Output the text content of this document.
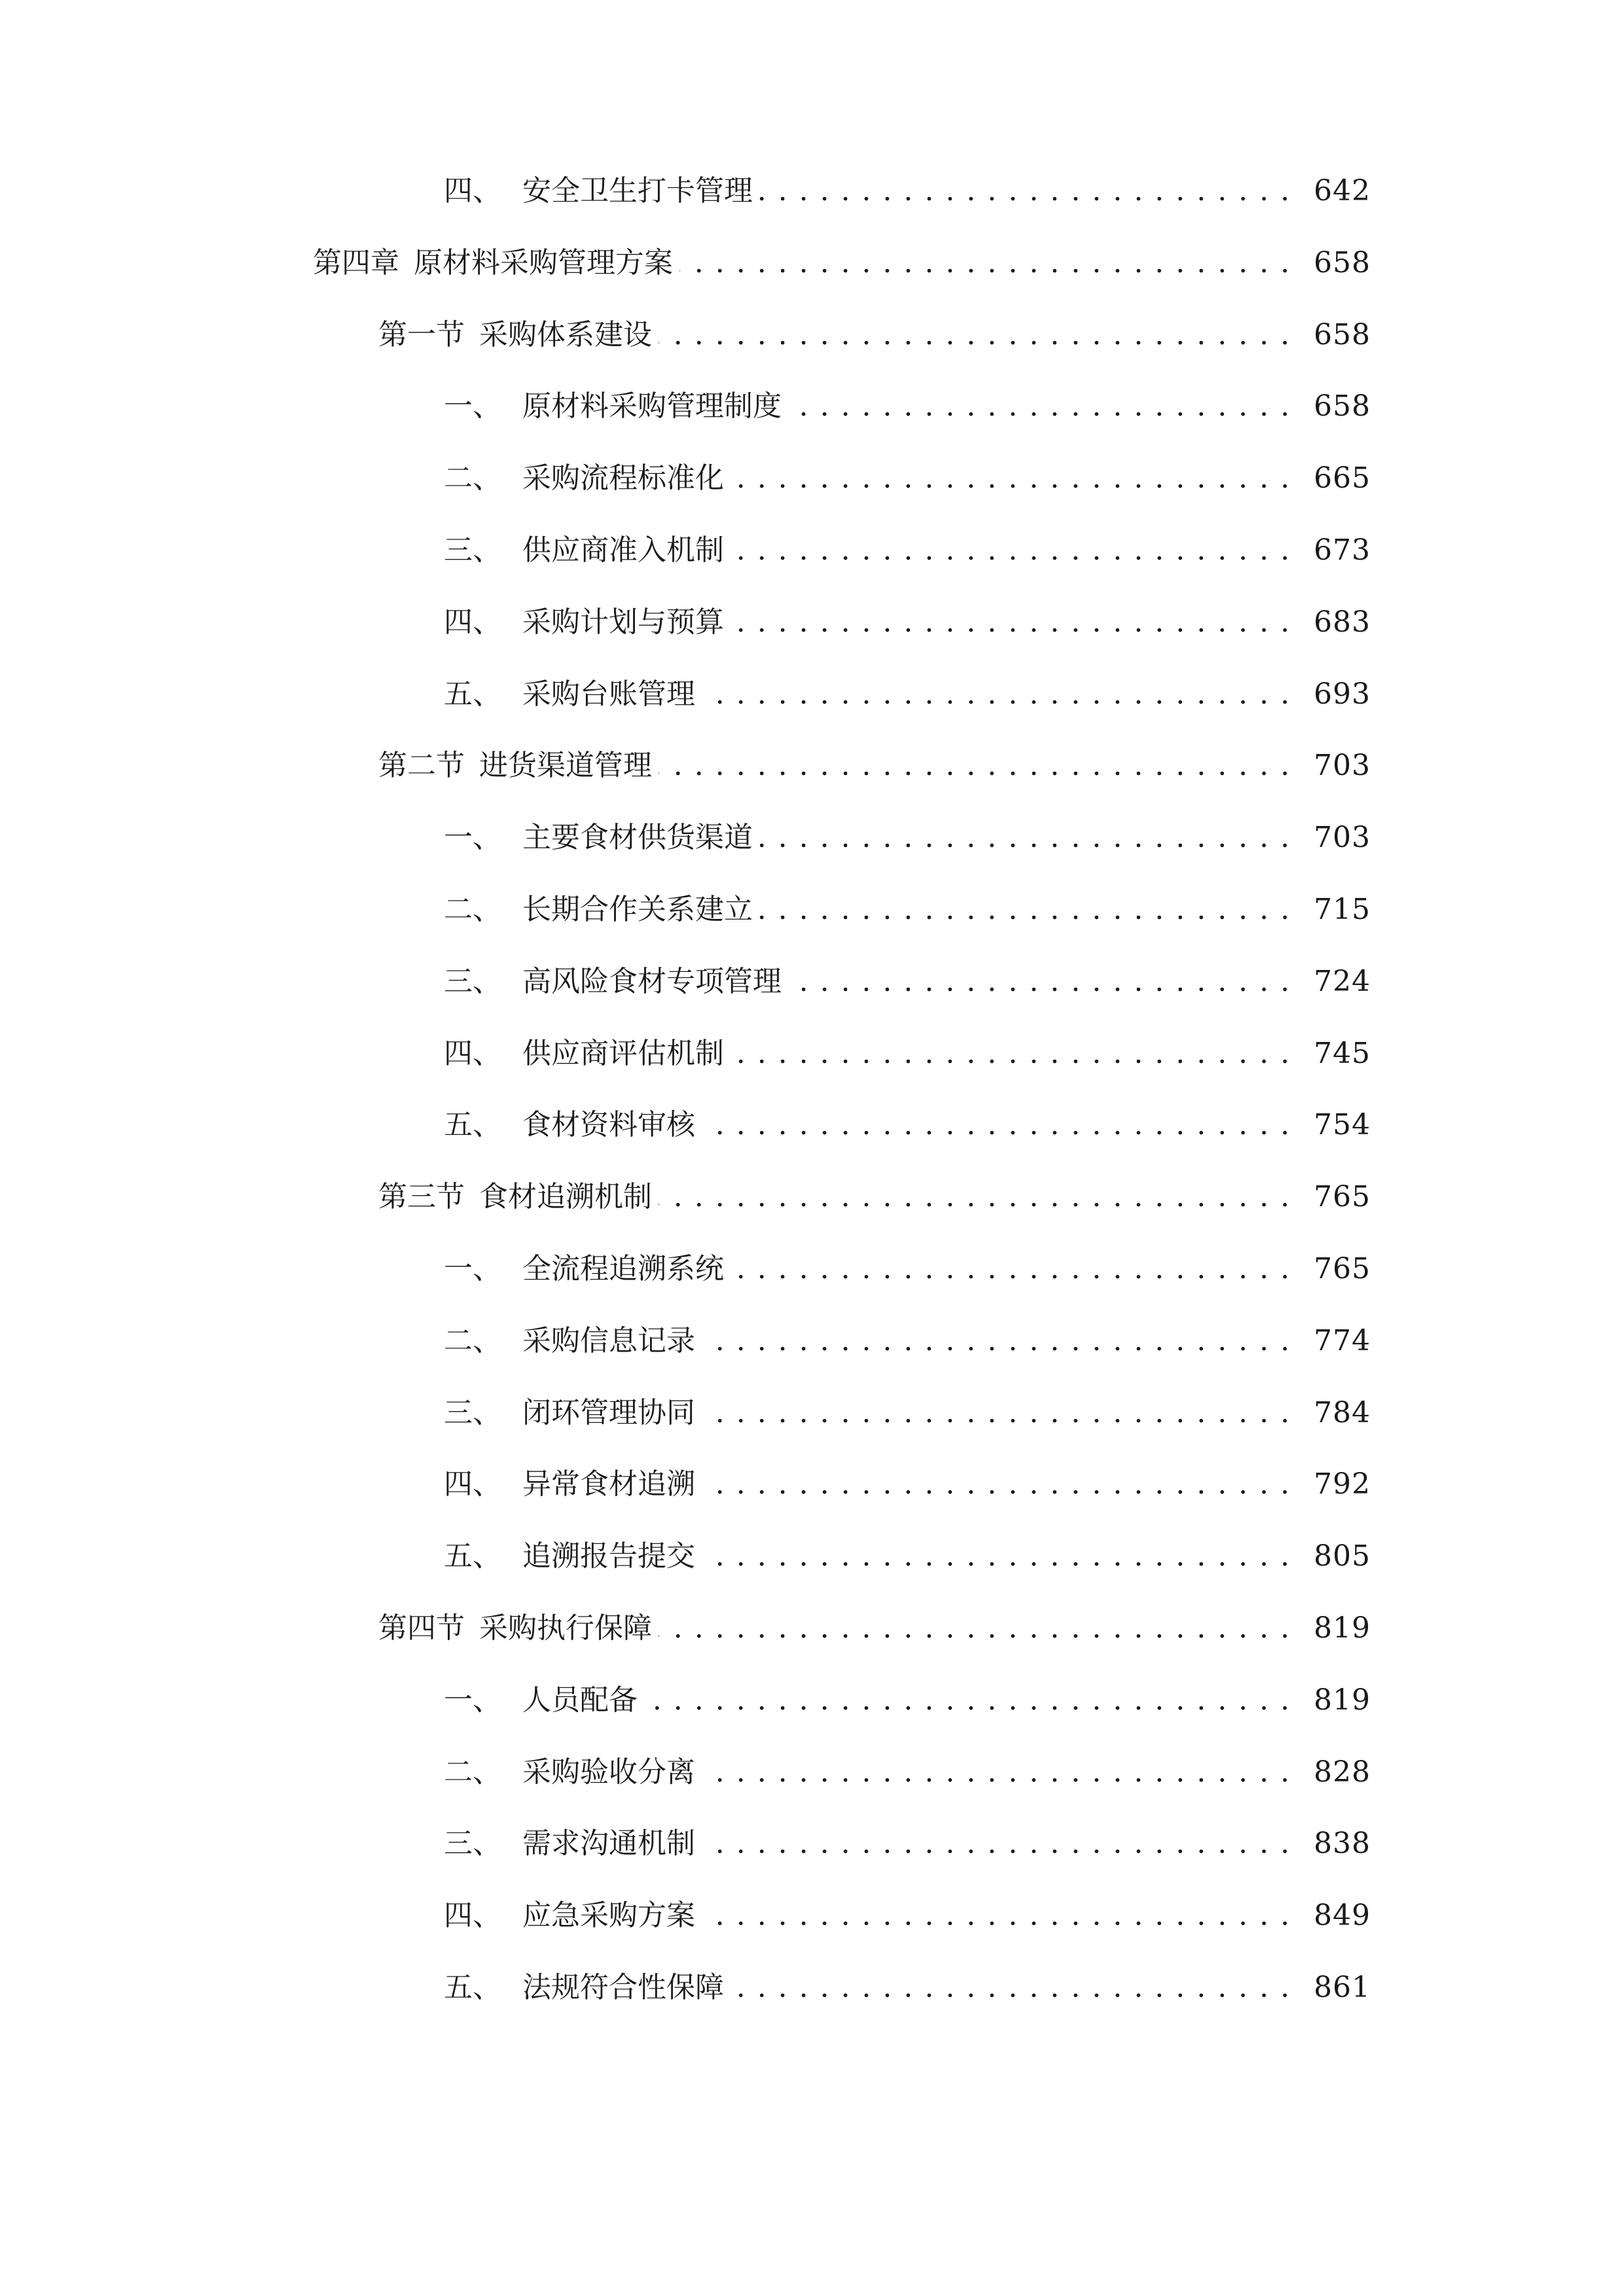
四、 安全卫生打卡管理 . . .	642
第四章 原材料采购管理方案 . . .	658
第一节 采购体系建设 . . .	658
一、 原材料采购管理制度 . . .	658
二、 采购流程标准化 . . .	665
三、 供应商准入机制 . . .	673
四、 采购计划与预算 . . .	683
五、 采购台账管理 . . .	693
第二节 进货渠道管理 . . .	703
一、 主要食材供货渠道 . . .	703
二、 长期合作关系建立 . . .	715
三、 高风险食材专项管理 . . .	724
四、 供应商评估机制 . . .	745
五、 食材资料审核 . . .	754
第三节 食材追溯机制 . . .	765
一、 全流程追溯系统 . . .	765
二、 采购信息记录 . . .	774
三、 闭环管理协同 . . .	784
四、 异常食材追溯 . . .	792
五、 追溯报告提交 . . .	805
第四节 采购执行保障 . . .	819
一、 人员配备 . . .	819
二、 采购验收分离 . . .	828
三、 需求沟通机制 . . .	838
四、 应急采购方案 . . .	849
五、 法规符合性保障 . . .	861
